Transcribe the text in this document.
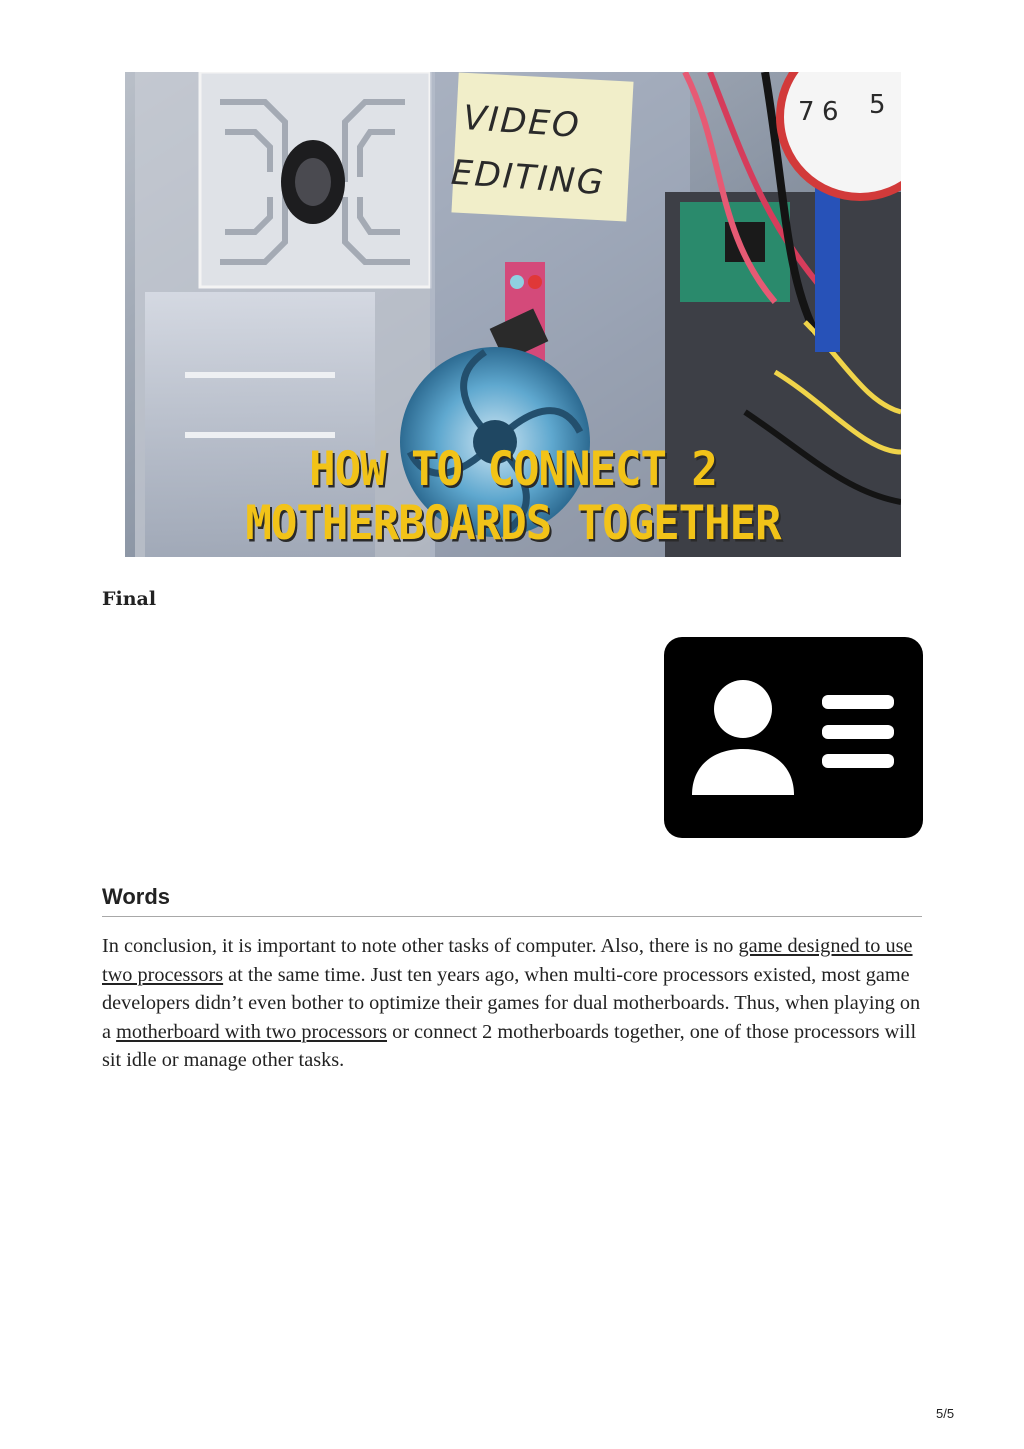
VIDEO
EDITING
7 6 5
HOW TO CONNECT 2
MOTHERBOARDS TOGETHER
Final
Words

In conclusion, it is important to note other tasks of computer. Also, there is no game designed to use two processors at the same time. Just ten years ago, when multi-core processors existed, most game developers didn’t even bother to optimize their games for dual motherboards. Thus, when playing on a motherboard with two processors or connect 2 motherboards together, one of those processors will sit idle or manage other tasks.

5/5
